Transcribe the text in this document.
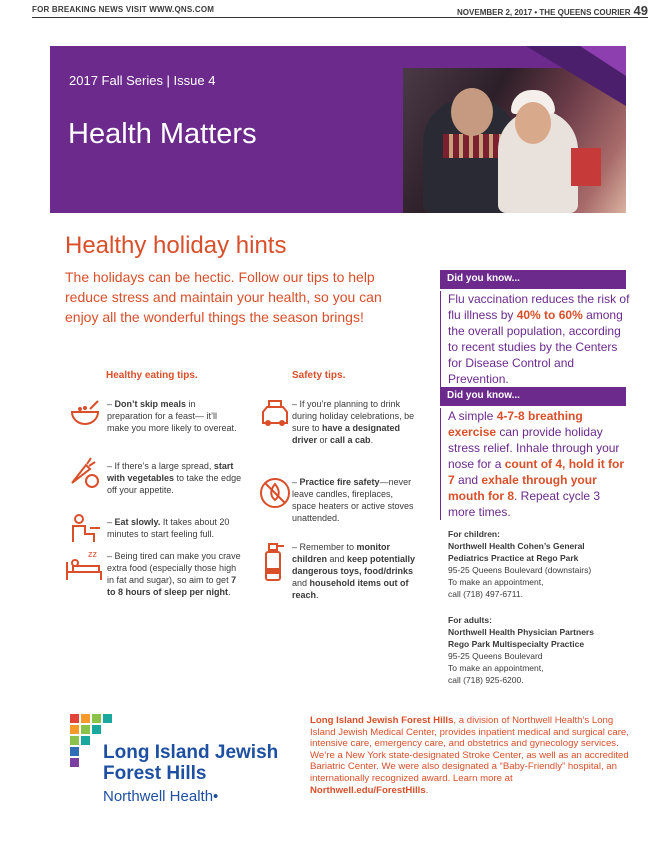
FOR BREAKING NEWS VISIT WWW.QNS.COM	NOVEMBER 2, 2017 • THE QUEENS COURIER 49
2017 Fall Series | Issue 4
Health Matters
Healthy holiday hints
The holidays can be hectic. Follow our tips to help reduce stress and maintain your health, so you can enjoy all the wonderful things the season brings!
Healthy eating tips.
– Don’t skip meals in preparation for a feast— it’ll make you more likely to overeat.
– If there’s a large spread, start with vegetables to take the edge off your appetite.
– Eat slowly. It takes about 20 minutes to start feeling full.
zz – Being tired can make you crave extra food (especially those high in fat and sugar), so aim to get 7 to 8 hours of sleep per night.
Safety tips.
– If you’re planning to drink during holiday celebrations, be sure to have a designated driver or call a cab.
– Practice fire safety—never leave candles, fireplaces, space heaters or active stoves unattended.
– Remember to monitor children and keep potentially dangerous toys, food/drinks and household items out of reach.
Did you know...
Flu vaccination reduces the risk of flu illness by 40% to 60% among the overall population, according to recent studies by the Centers for Disease Control and Prevention.
Did you know...
A simple 4-7-8 breathing exercise can provide holiday stress relief. Inhale through your nose for a count of 4, hold it for 7 and exhale through your mouth for 8. Repeat cycle 3 more times.
For children:
Northwell Health Cohen’s General
Pediatrics Practice at Rego Park
95-25 Queens Boulevard (downstairs)
To make an appointment,
call (718) 497-6711.
For adults:
Northwell Health Physician Partners
Rego Park Multispecialty Practice
95-25 Queens Boulevard
To make an appointment,
call (718) 925-6200.
Long Island Jewish
Forest Hills
Northwell Health•
Long Island Jewish Forest Hills, a division of Northwell Health’s Long Island Jewish Medical Center, provides inpatient medical and surgical care, intensive care, emergency care, and obstetrics and gynecology services. We’re a New York state-designated Stroke Center, as well as an accredited Bariatric Center. We were also designated a “Baby-Friendly” hospital, an internationally recognized award. Learn more at Northwell.edu/ForestHills.
